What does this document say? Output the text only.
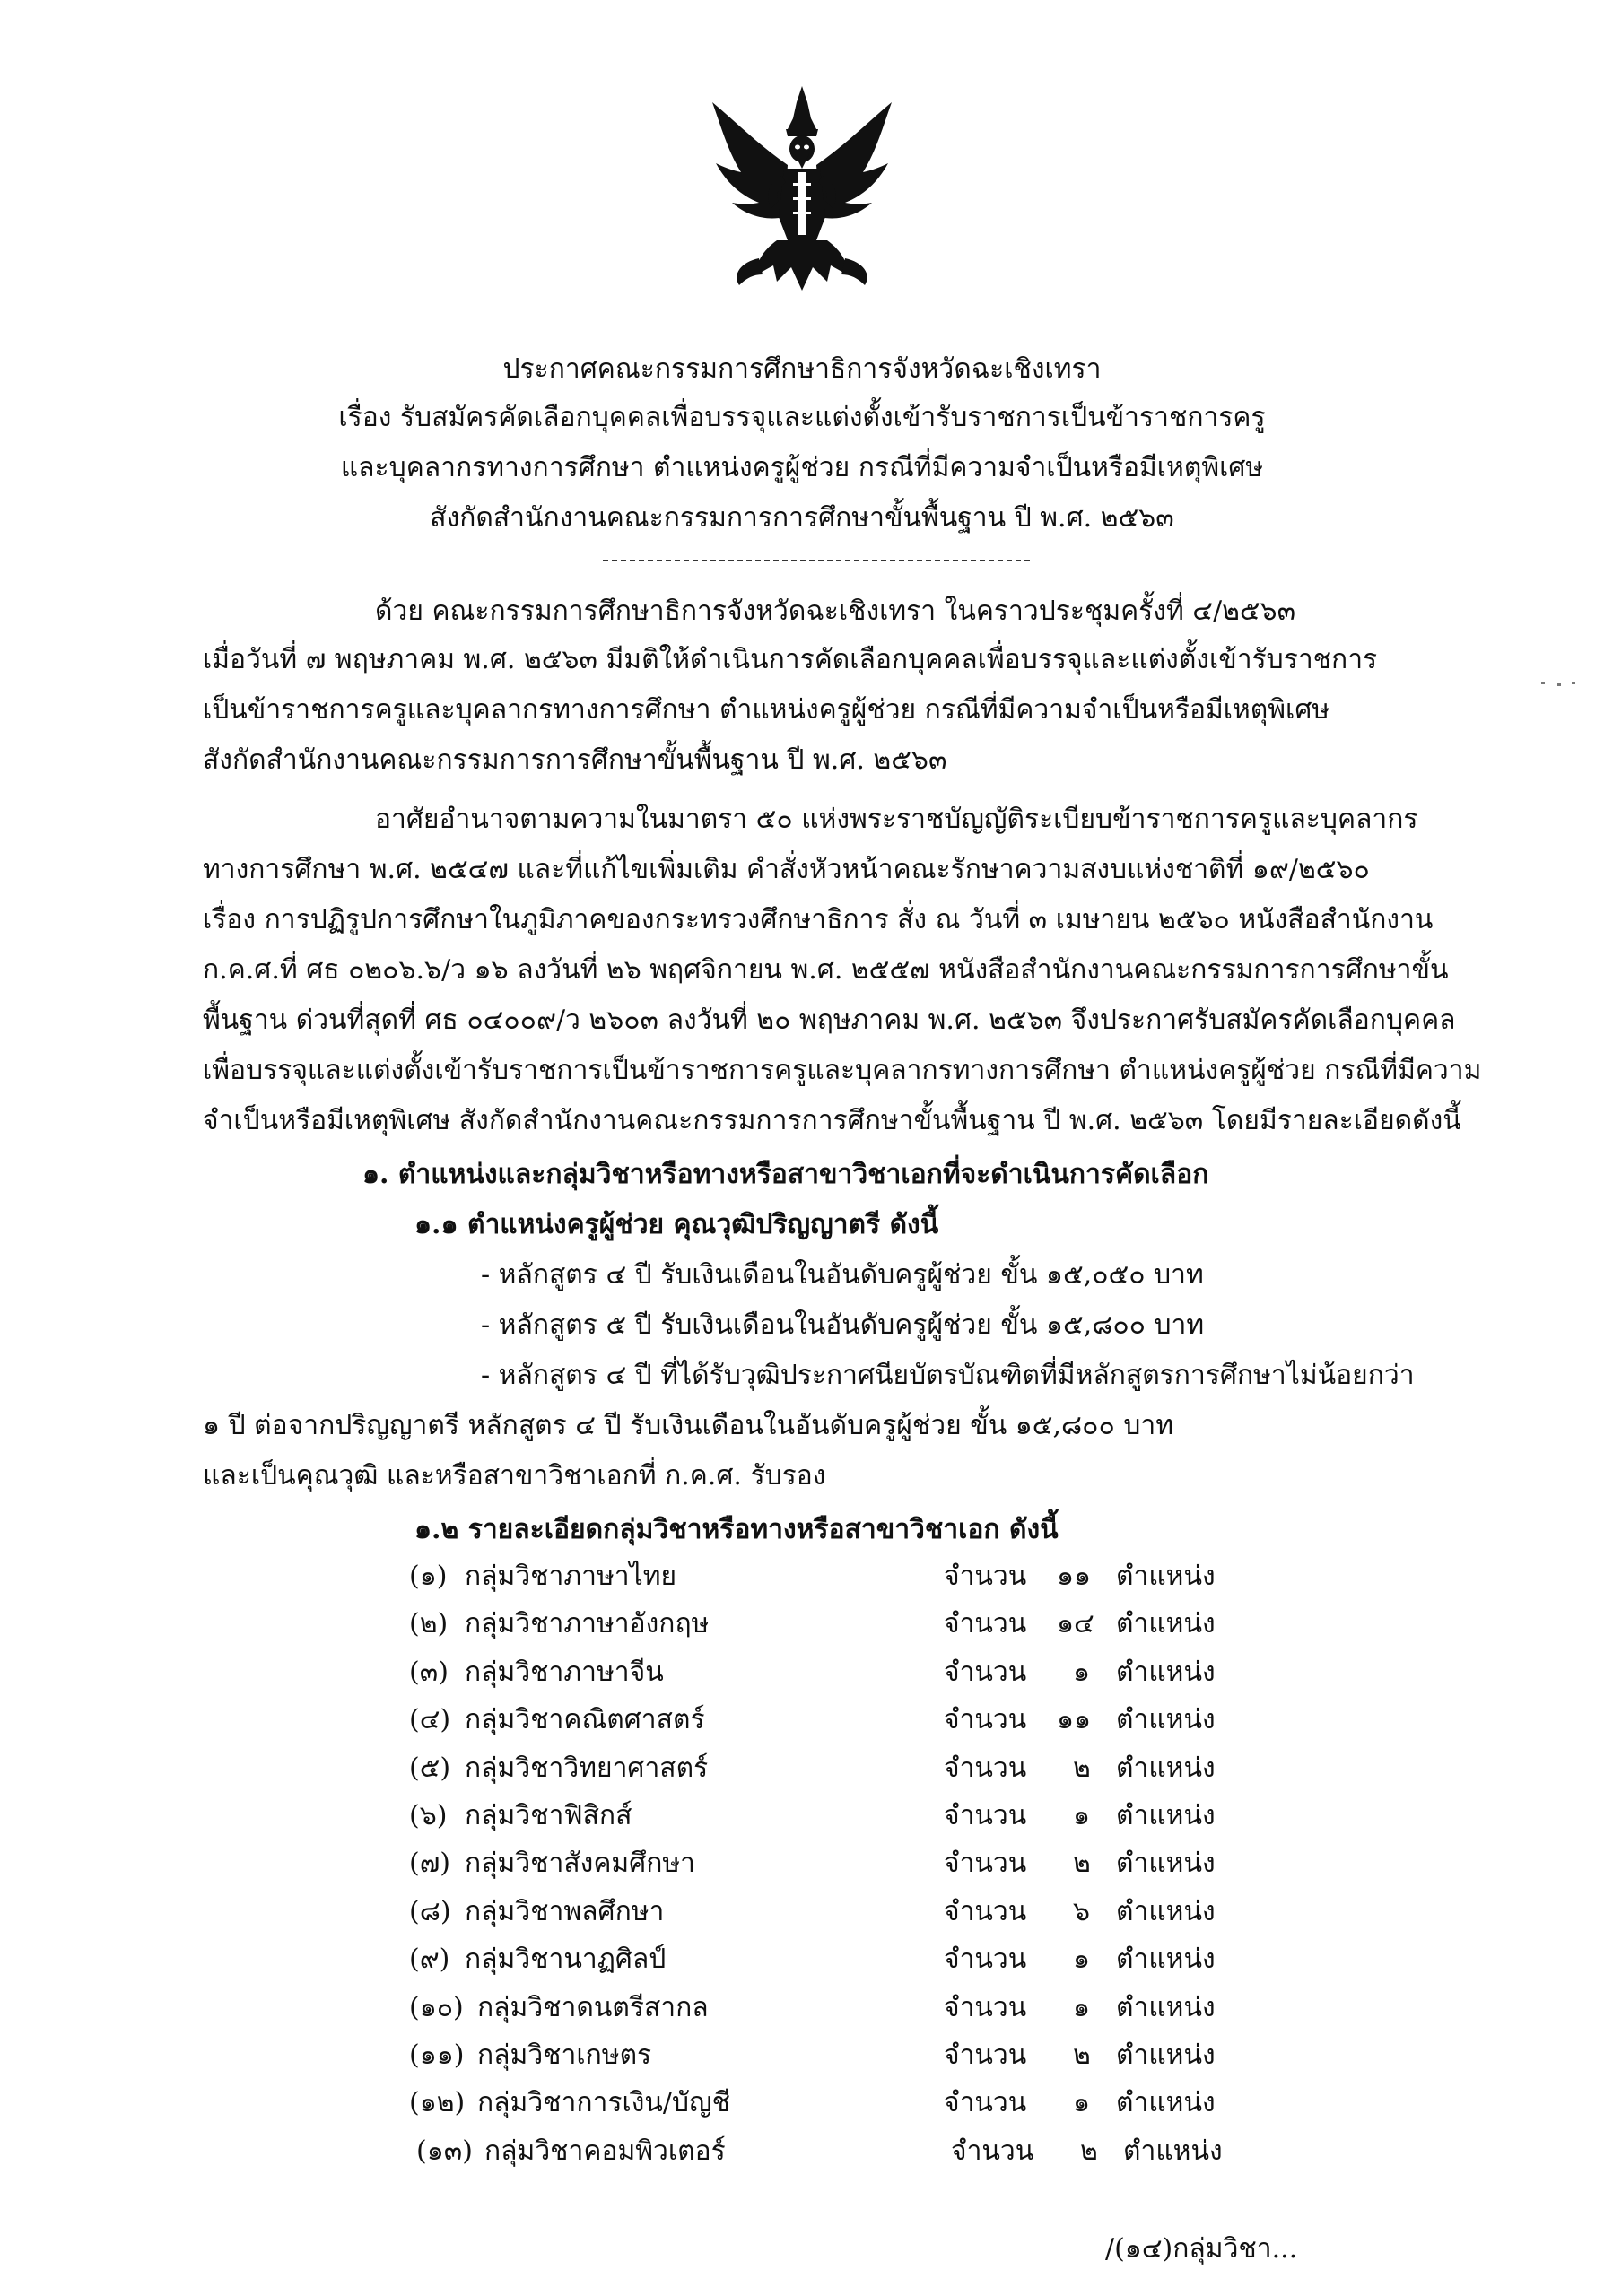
ประกาศคณะกรรมการศึกษาธิการจังหวัดฉะเชิงเทรา
เรื่อง รับสมัครคัดเลือกบุคคลเพื่อบรรจุและแต่งตั้งเข้ารับราชการเป็นข้าราชการครู
และบุคลากรทางการศึกษา ตำแหน่งครูผู้ช่วย กรณีที่มีความจำเป็นหรือมีเหตุพิเศษ
สังกัดสำนักงานคณะกรรมการการศึกษาขั้นพื้นฐาน ปี พ.ศ. ๒๕๖๓
ด้วย คณะกรรมการศึกษาธิการจังหวัดฉะเชิงเทรา ในคราวประชุมครั้งที่ ๔/๒๕๖๓
เมื่อวันที่ ๗ พฤษภาคม พ.ศ. ๒๕๖๓ มีมติให้ดำเนินการคัดเลือกบุคคลเพื่อบรรจุและแต่งตั้งเข้ารับราชการ
เป็นข้าราชการครูและบุคลากรทางการศึกษา ตำแหน่งครูผู้ช่วย กรณีที่มีความจำเป็นหรือมีเหตุพิเศษ
สังกัดสำนักงานคณะกรรมการการศึกษาขั้นพื้นฐาน ปี พ.ศ. ๒๕๖๓
อาศัยอำนาจตามความในมาตรา ๕๐ แห่งพระราชบัญญัติระเบียบข้าราชการครูและบุคลากร
ทางการศึกษา พ.ศ. ๒๕๔๗ และที่แก้ไขเพิ่มเติม คำสั่งหัวหน้าคณะรักษาความสงบแห่งชาติที่ ๑๙/๒๕๖๐
เรื่อง การปฏิรูปการศึกษาในภูมิภาคของกระทรวงศึกษาธิการ สั่ง ณ วันที่ ๓ เมษายน ๒๕๖๐ หนังสือสำนักงาน
ก.ค.ศ.ที่ ศธ ๐๒๐๖.๖/ว ๑๖ ลงวันที่ ๒๖ พฤศจิกายน พ.ศ. ๒๕๕๗ หนังสือสำนักงานคณะกรรมการการศึกษาขั้น
พื้นฐาน ด่วนที่สุดที่ ศธ ๐๔๐๐๙/ว ๒๖๐๓ ลงวันที่ ๒๐ พฤษภาคม พ.ศ. ๒๕๖๓ จึงประกาศรับสมัครคัดเลือกบุคคล
เพื่อบรรจุและแต่งตั้งเข้ารับราชการเป็นข้าราชการครูและบุคลากรทางการศึกษา ตำแหน่งครูผู้ช่วย กรณีที่มีความ
จำเป็นหรือมีเหตุพิเศษ สังกัดสำนักงานคณะกรรมการการศึกษาขั้นพื้นฐาน ปี พ.ศ. ๒๕๖๓ โดยมีรายละเอียดดังนี้
๑. ตำแหน่งและกลุ่มวิชาหรือทางหรือสาขาวิชาเอกที่จะดำเนินการคัดเลือก
๑.๑ ตำแหน่งครูผู้ช่วย คุณวุฒิปริญญาตรี ดังนี้
- หลักสูตร ๔ ปี รับเงินเดือนในอันดับครูผู้ช่วย ขั้น ๑๕,๐๕๐ บาท
- หลักสูตร ๕ ปี รับเงินเดือนในอันดับครูผู้ช่วย ขั้น ๑๕,๘๐๐ บาท
- หลักสูตร ๔ ปี ที่ได้รับวุฒิประกาศนียบัตรบัณฑิตที่มีหลักสูตรการศึกษาไม่น้อยกว่า
๑ ปี ต่อจากปริญญาตรี หลักสูตร ๔ ปี รับเงินเดือนในอันดับครูผู้ช่วย ขั้น ๑๕,๘๐๐ บาท
และเป็นคุณวุฒิ และหรือสาขาวิชาเอกที่ ก.ค.ศ. รับรอง
๑.๒ รายละเอียดกลุ่มวิชาหรือทางหรือสาขาวิชาเอก ดังนี้
(๑) กลุ่มวิชาภาษาไทย	จำนวน ๑๑ ตำแหน่ง
(๒) กลุ่มวิชาภาษาอังกฤษ	จำนวน ๑๔ ตำแหน่ง
(๓) กลุ่มวิชาภาษาจีน	จำนวน ๑ ตำแหน่ง
(๔) กลุ่มวิชาคณิตศาสตร์	จำนวน ๑๑ ตำแหน่ง
(๕) กลุ่มวิชาวิทยาศาสตร์	จำนวน ๒ ตำแหน่ง
(๖) กลุ่มวิชาฟิสิกส์	จำนวน ๑ ตำแหน่ง
(๗) กลุ่มวิชาสังคมศึกษา	จำนวน ๒ ตำแหน่ง
(๘) กลุ่มวิชาพลศึกษา	จำนวน ๖ ตำแหน่ง
(๙) กลุ่มวิชานาฏศิลป์	จำนวน ๑ ตำแหน่ง
(๑๐) กลุ่มวิชาดนตรีสากล	จำนวน ๑ ตำแหน่ง
(๑๑) กลุ่มวิชาเกษตร	จำนวน ๒ ตำแหน่ง
(๑๒) กลุ่มวิชาการเงิน/บัญชี	จำนวน ๑ ตำแหน่ง
(๑๓) กลุ่มวิชาคอมพิวเตอร์	จำนวน ๒ ตำแหน่ง
/(๑๔)กลุ่มวิชา...
